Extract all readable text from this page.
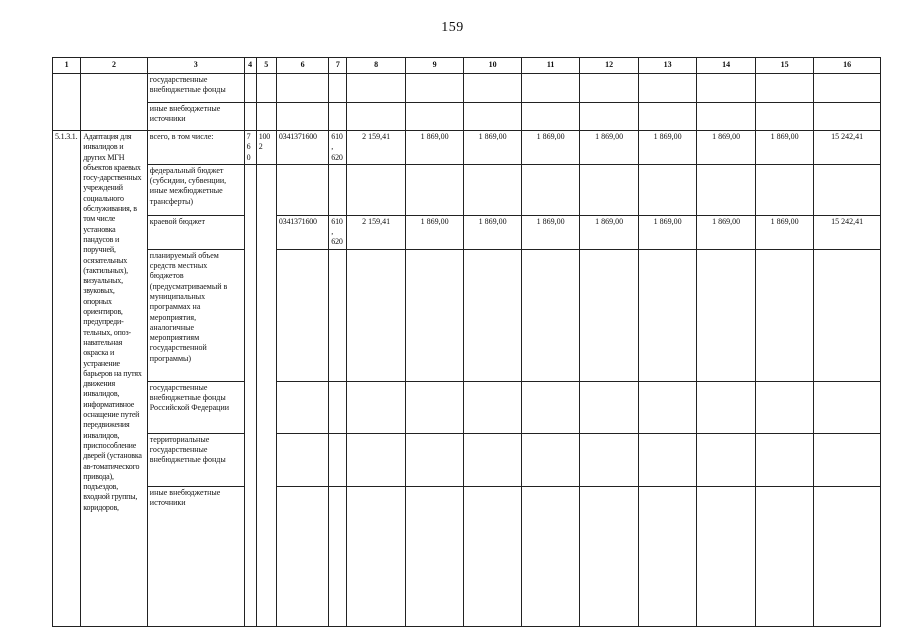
159
1	2	3	4	5	6	7	8	9	10	11	12	13	14	15	16
		государственные внебюджетные фонды													
		иные внебюджетные источники													
5.1.3.1.	Адаптация для инвалидов и других МГН объектов краевых госу-дарственных учреждений социального обслуживания, в том числе установка пандусов и поручней, осязательных (тактильных), визуальных, звуковых, опорных ориентиров, предупреди-тельных, опоз-навательная окраска и устранение барьеров на путях движения инвалидов, информативное оснащение путей передвижения инвалидов, приспособление дверей (установка ав-томатического привода), подъездов, входной группы, коридоров,	всего, в том числе:	760	1002	0341371600	610, 620	2 159,41	1 869,00	1 869,00	1 869,00	1 869,00	1 869,00	1 869,00	1 869,00	15 242,41
		федеральный бюджет (субсидии, субвенции, иные межбюджетные трансферты)													
		краевой бюджет			0341371600	610, 620	2 159,41	1 869,00	1 869,00	1 869,00	1 869,00	1 869,00	1 869,00	1 869,00	15 242,41
		планируемый объем средств местных бюджетов (предусматриваемый в муниципальных программах на мероприятия, аналогичные мероприятиям государственной программы)													
		государственные внебюджетные фонды Российской Федерации													
		территориальные государственные внебюджетные фонды													
		иные внебюджетные источники													
